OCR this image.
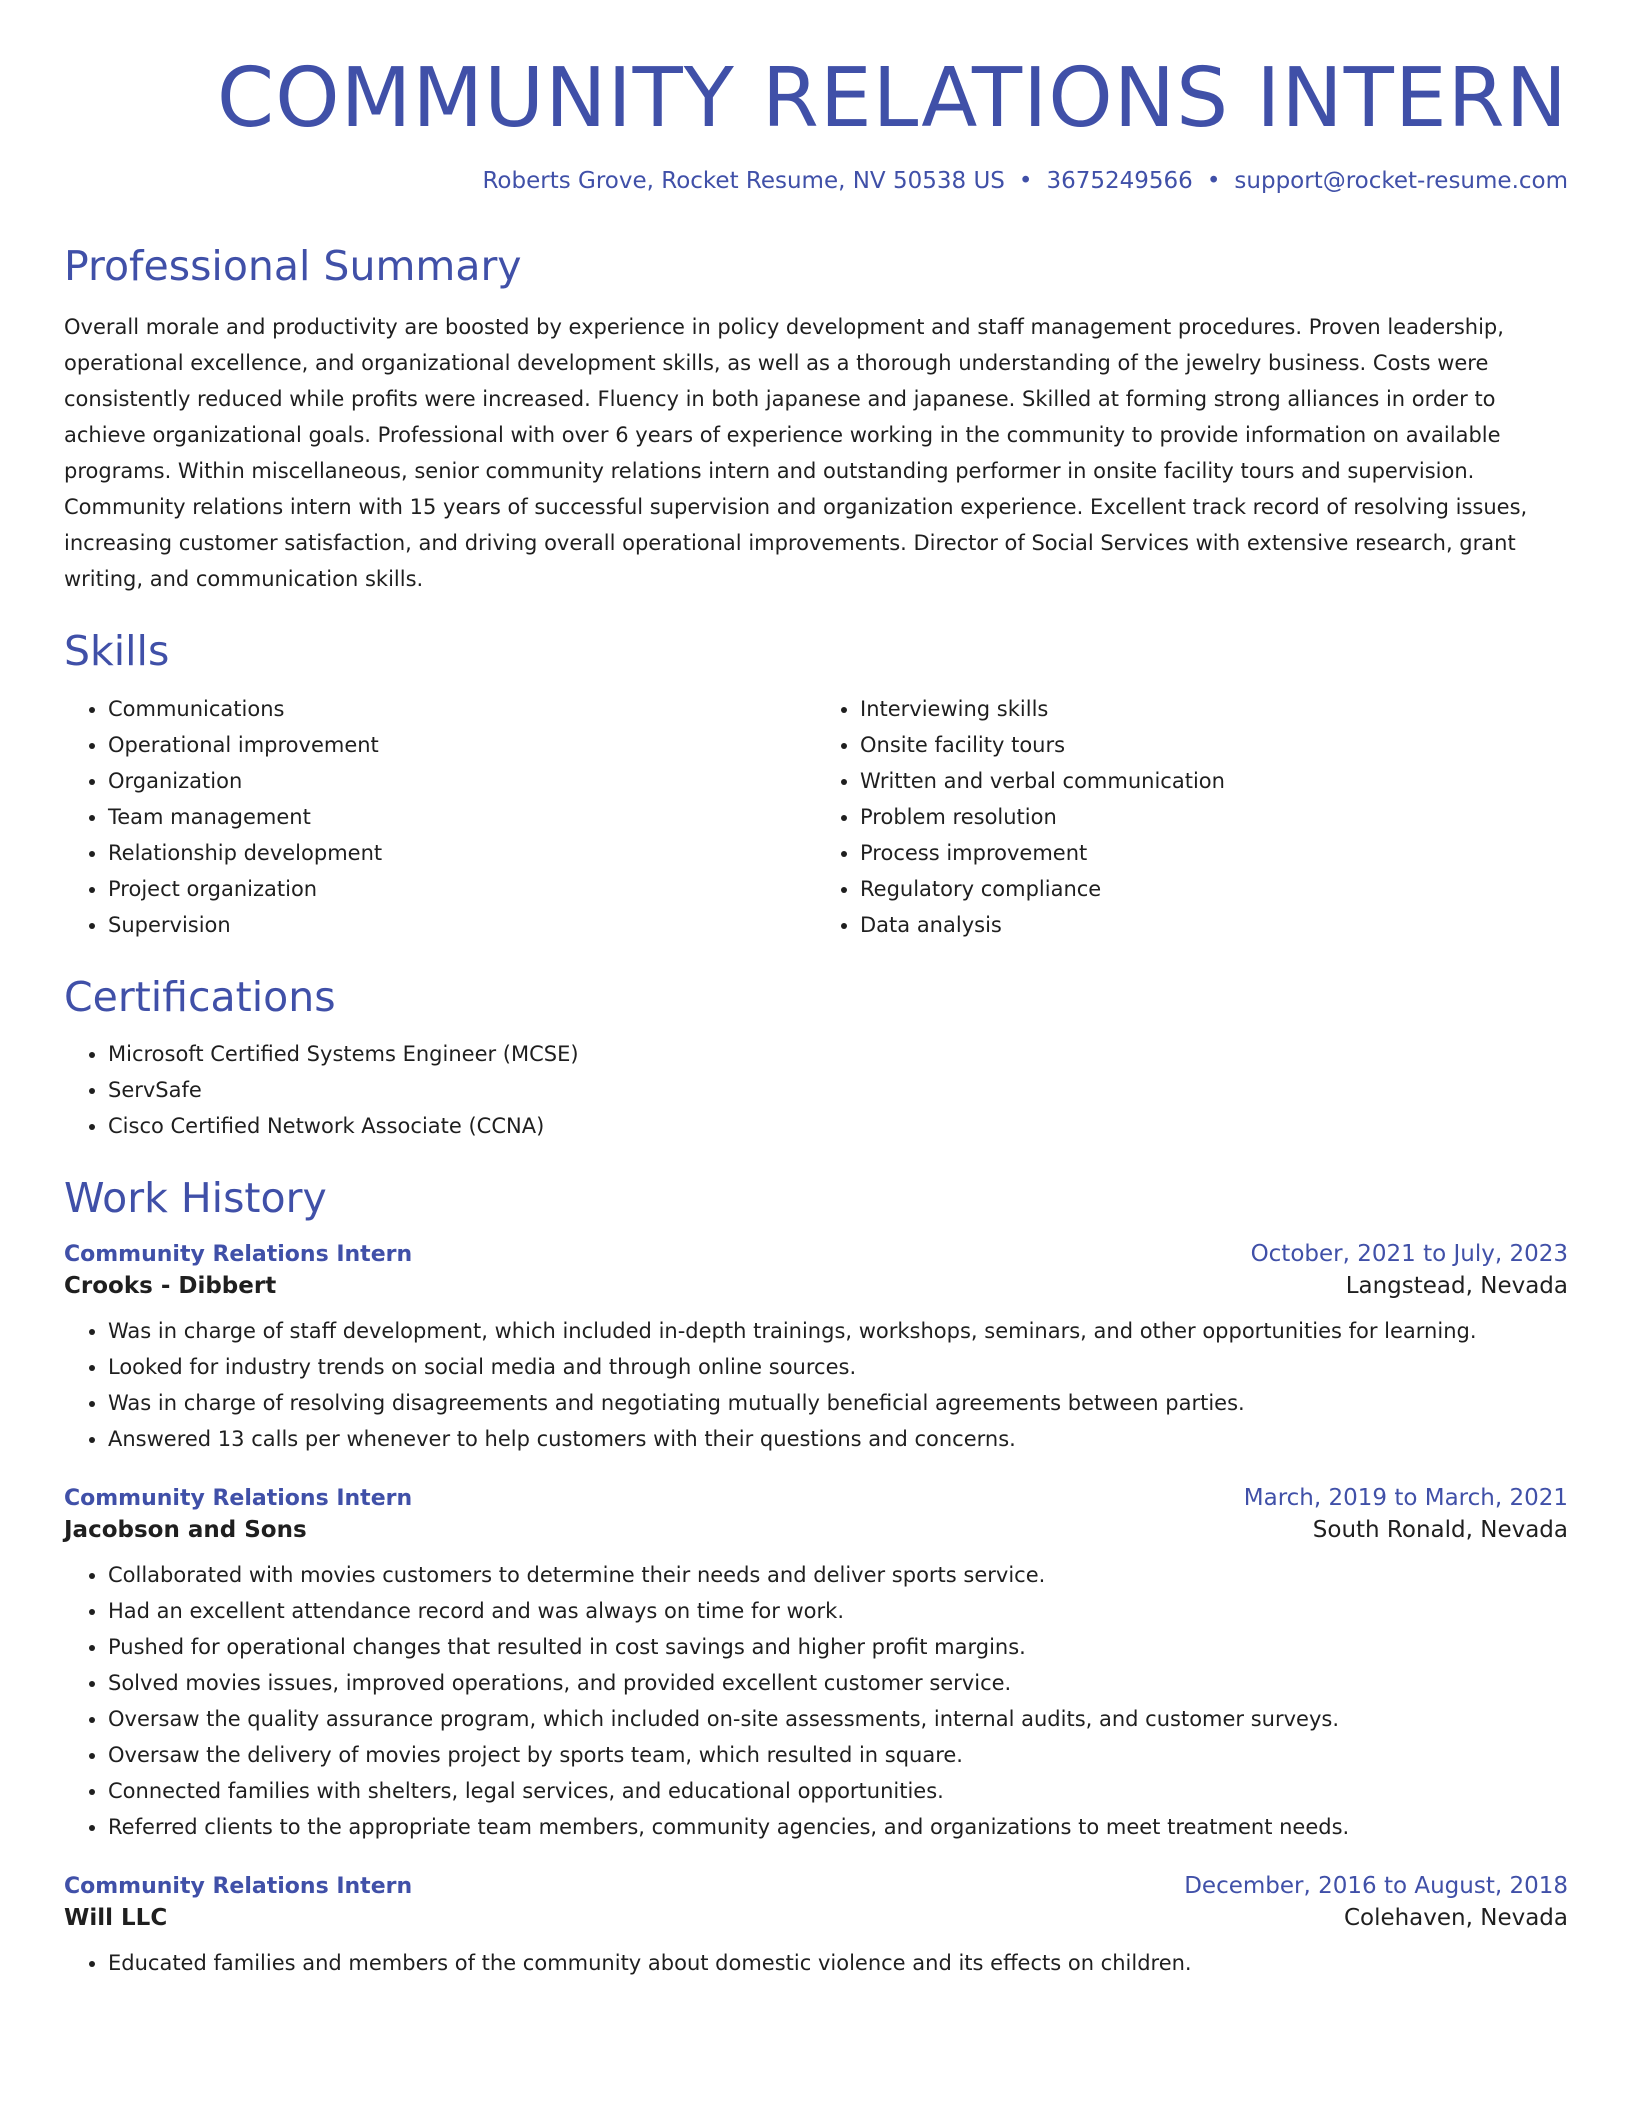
COMMUNITY RELATIONS INTERN
Roberts Grove, Rocket Resume, NV 50538 US • 3675249566 • support@rocket-resume.com
Professional Summary

Overall morale and productivity are boosted by experience in policy development and staff management procedures. Proven leadership, operational excellence, and organizational development skills, as well as a thorough understanding of the jewelry business. Costs were consistently reduced while profits were increased. Fluency in both japanese and japanese. Skilled at forming strong alliances in order to achieve organizational goals. Professional with over 6 years of experience working in the community to provide information on available programs. Within miscellaneous, senior community relations intern and outstanding performer in onsite facility tours and supervision. Community relations intern with 15 years of successful supervision and organization experience. Excellent track record of resolving issues, increasing customer satisfaction, and driving overall operational improvements. Director of Social Services with extensive research, grant writing, and communication skills.

Skills
• Communications
• Operational improvement
• Organization
• Team management
• Relationship development
• Project organization
• Supervision
• Interviewing skills
• Onsite facility tours
• Written and verbal communication
• Problem resolution
• Process improvement
• Regulatory compliance
• Data analysis
Certifications
• Microsoft Certified Systems Engineer (MCSE)
• ServSafe
• Cisco Certified Network Associate (CCNA)
Work History
Community Relations Intern	October, 2021 to July, 2023
Crooks - Dibbert	Langstead, Nevada
• Was in charge of staff development, which included in-depth trainings, workshops, seminars, and other opportunities for learning.
• Looked for industry trends on social media and through online sources.
• Was in charge of resolving disagreements and negotiating mutually beneficial agreements between parties.
• Answered 13 calls per whenever to help customers with their questions and concerns.
Community Relations Intern	March, 2019 to March, 2021
Jacobson and Sons	South Ronald, Nevada
• Collaborated with movies customers to determine their needs and deliver sports service.
• Had an excellent attendance record and was always on time for work.
• Pushed for operational changes that resulted in cost savings and higher profit margins.
• Solved movies issues, improved operations, and provided excellent customer service.
• Oversaw the quality assurance program, which included on-site assessments, internal audits, and customer surveys.
• Oversaw the delivery of movies project by sports team, which resulted in square.
• Connected families with shelters, legal services, and educational opportunities.
• Referred clients to the appropriate team members, community agencies, and organizations to meet treatment needs.
Community Relations Intern	December, 2016 to August, 2018
Will LLC	Colehaven, Nevada
• Educated families and members of the community about domestic violence and its effects on children.
